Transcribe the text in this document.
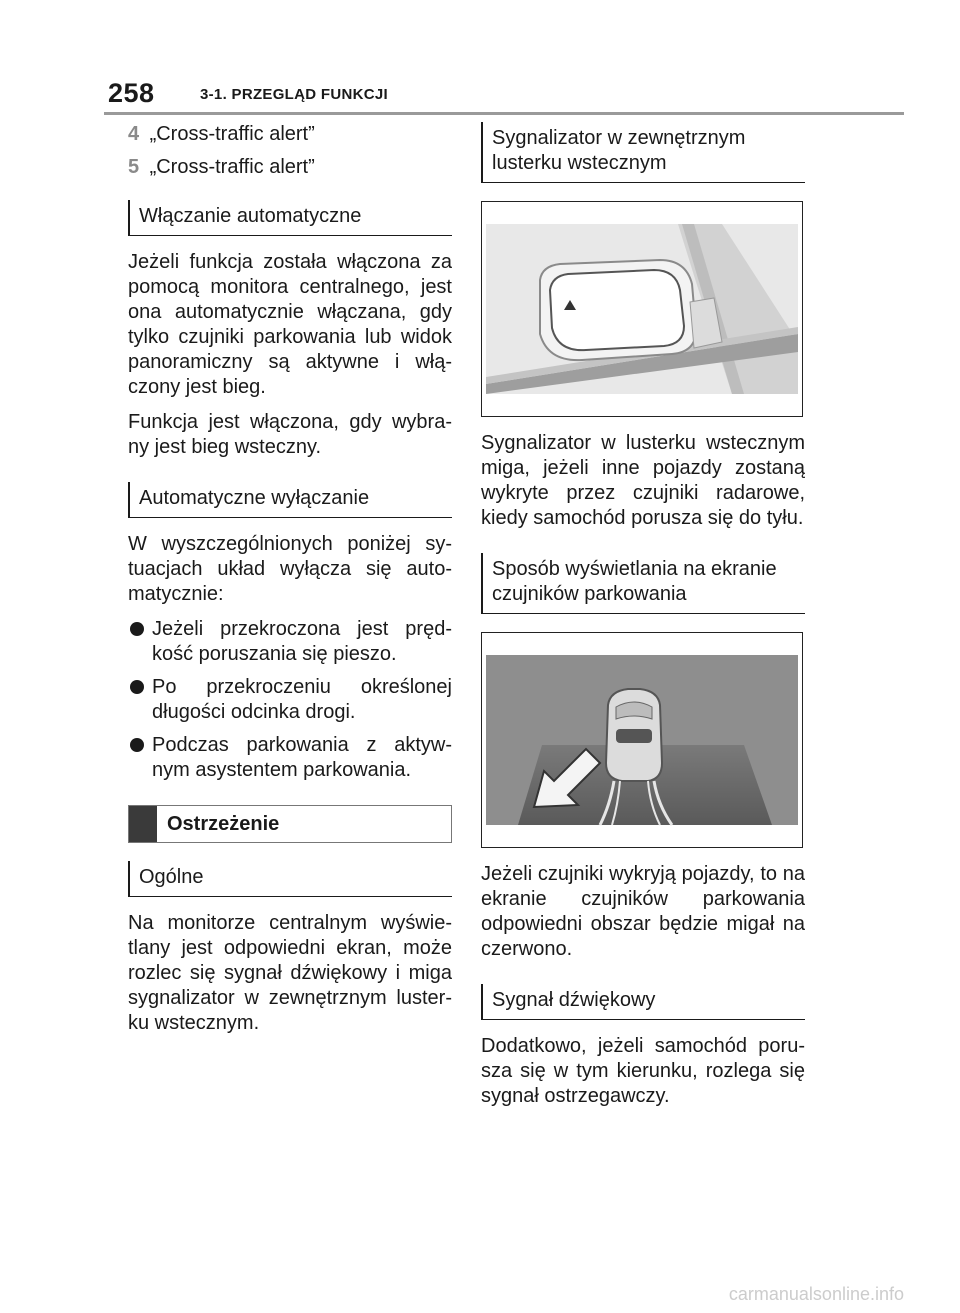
258	3-1. PRZEGLĄD FUNKCJI
4 „Cross-traffic alert”
5 „Cross-traffic alert”
Włączanie automatyczne

Jeżeli funkcja została włączona za pomocą monitora centralnego, jest ona automatycznie włączana, gdy tylko czujniki parkowania lub widok panoramiczny są aktywne i włą-czony jest bieg.

Funkcja jest włączona, gdy wybra-ny jest bieg wsteczny.

Automatyczne wyłączanie

W wyszczególnionych poniżej sy-tuacjach układ wyłącza się auto-matycznie:

Jeżeli przekroczona jest pręd-kość poruszania się pieszo.
Po przekroczeniu określonej długości odcinka drogi.
Podczas parkowania z aktyw-nym asystentem parkowania.
Ostrzeżenie
Ogólne

Na monitorze centralnym wyświe-tlany jest odpowiedni ekran, może rozlec się sygnał dźwiękowy i miga sygnalizator w zewnętrznym luster-ku wstecznym.

Sygnalizator w zewnętrznym lusterku wstecznym

Sygnalizator w lusterku wstecznym miga, jeżeli inne pojazdy zostaną wykryte przez czujniki radarowe, kiedy samochód porusza się do tyłu.

Sposób wyświetlania na ekranie czujników parkowania

Jeżeli czujniki wykryją pojazdy, to na ekranie czujników parkowania odpowiedni obszar będzie migał na czerwono.

Sygnał dźwiękowy

Dodatkowo, jeżeli samochód poru-sza się w tym kierunku, rozlega się sygnał ostrzegawczy.

carmanualsonline.info
